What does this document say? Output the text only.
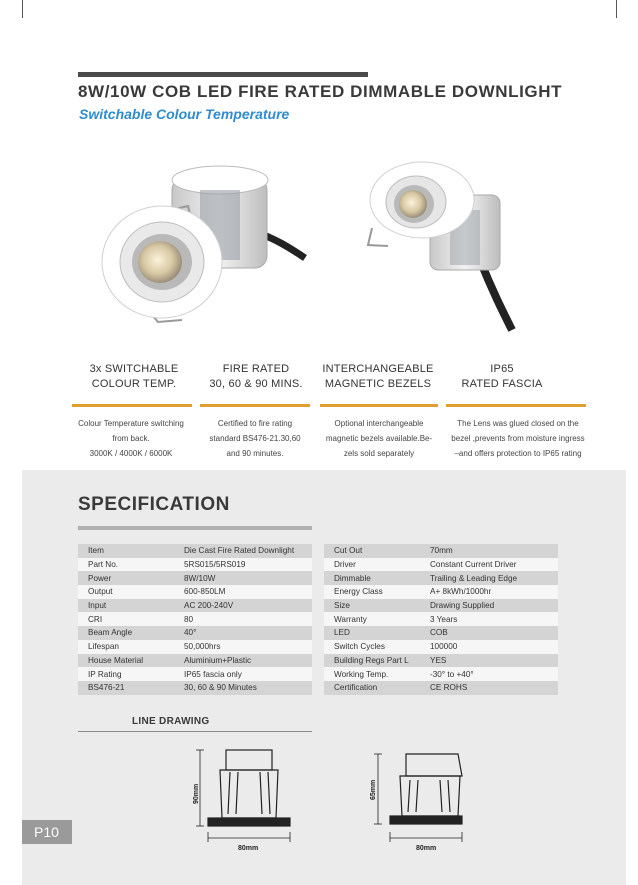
8W/10W COB LED FIRE RATED DIMMABLE DOWNLIGHT
Switchable Colour Temperature
3x SWITCHABLE
COLOUR TEMP.
FIRE RATED
30, 60 & 90 MINS.
INTERCHANGEABLE
MAGNETIC BEZELS
IP65
RATED FASCIA
Colour Temperature switching
from back.
3000K / 4000K / 6000K
Certified to fire rating
standard BS476-21.30,60
and 90 minutes.
Optional interchangeable
magnetic bezels available.Be-
zels sold separately
The Lens was glued closed on the
bezel ,prevents from moisture ingress
–and offers protection to IP65 rating
SPECIFICATION
Item	Die Cast Fire Rated Downlight
Part No.	5RS015/5RS019
Power	8W/10W
Output	600-850LM
Input	AC 200-240V
CRI	80
Beam Angle	40°
Lifespan	50,000hrs
House Material	Aluminium+Plastic
IP Rating	IP65 fascia only
BS476-21	30, 60 & 90 Minutes
Cut Out	70mm
Driver	Constant Current Driver
Dimmable	Trailing & Leading Edge
Energy Class	A+ 8kWh/1000hr
Size	Drawing Supplied
Warranty	3 Years
LED	COB
Switch Cycles	100000
Building Regs Part L	YES
Working Temp.	-30° to +40°
Certification	CE ROHS
LINE DRAWING
90mm
80mm
65mm
80mm
P10
